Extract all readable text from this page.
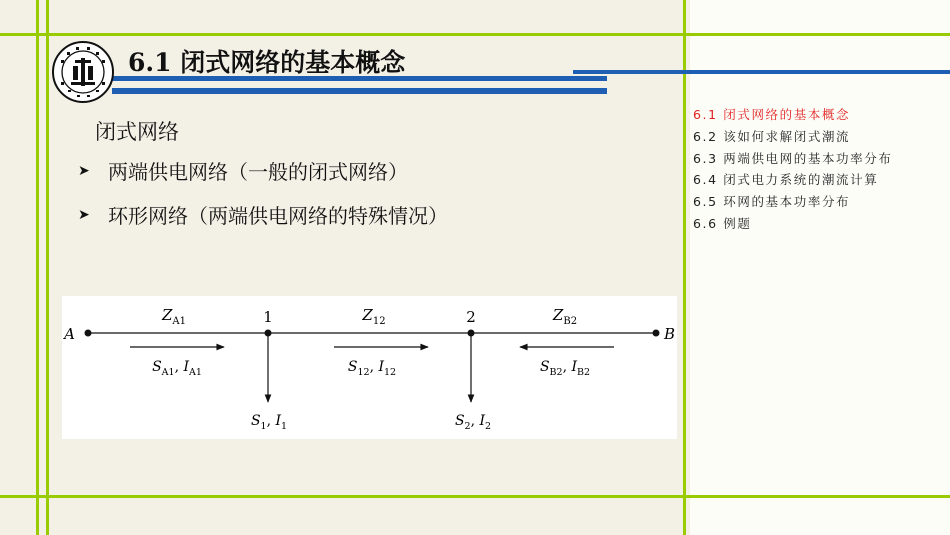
6.1 闭式网络的基本概念
闭式网络
➤ 两端供电网络（一般的闭式网络）
➤ 环形网络（两端供电网络的特殊情况）
6.1 闭式网络的基本概念
6.2 该如何求解闭式潮流
6.3 两端供电网的基本功率分布
6.4 闭式电力系统的潮流计算
6.5 环网的基本功率分布
6.6 例题
A	B
1	2
$Z_{A1}$	$Z_{12}$	$Z_{B2}$
$S_{A1}$, $I_{A1}$	$S_{12}$, $I_{12}$	$S_{B2}$, $I_{B2}$
$S_1$, $I_1$	$S_2$, $I_2$
